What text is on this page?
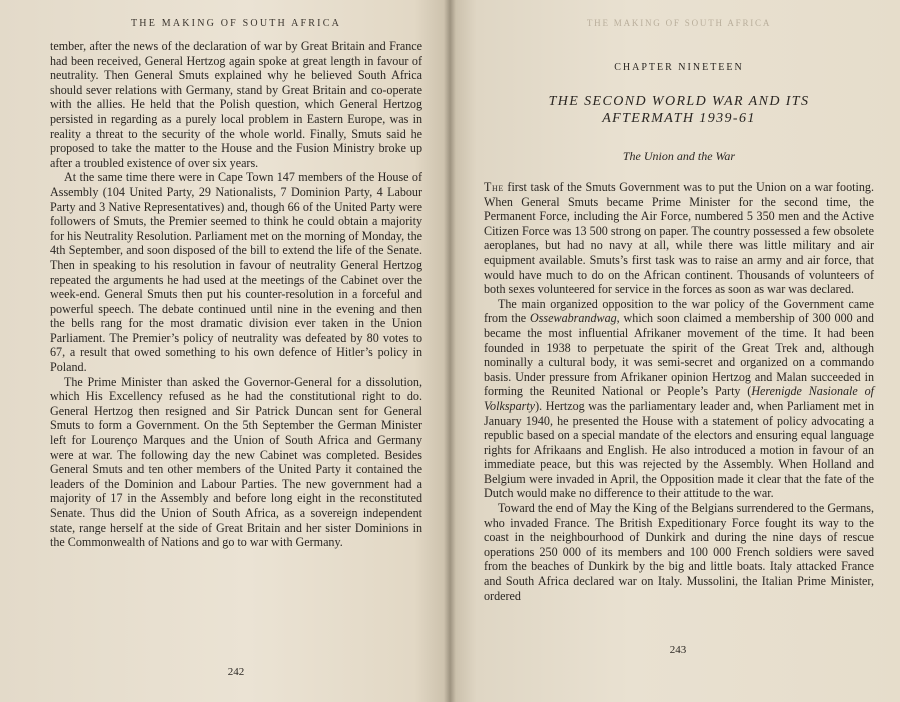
THE MAKING OF SOUTH AFRICA

tember, after the news of the declaration of war by Great Britain and France had been received, General Hertzog again spoke at great length in favour of neutrality. Then General Smuts explained why he believed South Africa should sever relations with Germany, stand by Great Britain and co-operate with the allies. He held that the Polish question, which General Hertzog persisted in regarding as a purely local problem in Eastern Europe, was in reality a threat to the security of the whole world. Finally, Smuts said he proposed to take the matter to the House and the Fusion Ministry broke up after a troubled existence of over six years.

At the same time there were in Cape Town 147 members of the House of Assembly (104 United Party, 29 Nationalists, 7 Dominion Party, 4 Labour Party and 3 Native Representatives) and, though 66 of the United Party were followers of Smuts, the Premier seemed to think he could obtain a majority for his Neutrality Resolution. Parliament met on the morning of Monday, the 4th September, and soon disposed of the bill to extend the life of the Senate. Then in speaking to his resolution in favour of neutrality General Hertzog repeated the arguments he had used at the meetings of the Cabinet over the week-end. General Smuts then put his counter-resolution in a forceful and powerful speech. The debate continued until nine in the evening and then the bells rang for the most dramatic division ever taken in the Union Parliament. The Premier’s policy of neutrality was defeated by 80 votes to 67, a result that owed something to his own defence of Hitler’s policy in Poland.

The Prime Minister than asked the Governor-General for a dissolution, which His Excellency refused as he had the constitutional right to do. General Hertzog then resigned and Sir Patrick Duncan sent for General Smuts to form a Government. On the 5th September the German Minister left for Lourenço Marques and the Union of South Africa and Germany were at war. The following day the new Cabinet was completed. Besides General Smuts and ten other members of the United Party it contained the leaders of the Dominion and Labour Parties. The new government had a majority of 17 in the Assembly and before long eight in the reconstituted Senate. Thus did the Union of South Africa, as a sovereign independent state, range herself at the side of Great Britain and her sister Dominions in the Commonwealth of Nations and go to war with Germany.

242
THE MAKING OF SOUTH AFRICA
CHAPTER NINETEEN
THE SECOND WORLD WAR AND ITS
AFTERMATH 1939-61
The Union and the War

The first task of the Smuts Government was to put the Union on a war footing. When General Smuts became Prime Minister for the second time, the Permanent Force, including the Air Force, numbered 5 350 men and the Active Citizen Force was 13 500 strong on paper. The country possessed a few obsolete aeroplanes, but had no navy at all, while there was little military and air equipment available. Smuts’s first task was to raise an army and air force, that would have much to do on the African continent. Thousands of volunteers of both sexes volunteered for service in the forces as soon as war was declared.

The main organized opposition to the war policy of the Government came from the Ossewabrandwag, which soon claimed a membership of 300 000 and became the most influential Afrikaner movement of the time. It had been founded in 1938 to perpetuate the spirit of the Great Trek and, although nominally a cultural body, it was semi-secret and organized on a commando basis. Under pressure from Afrikaner opinion Hertzog and Malan succeeded in forming the Reunited National or People’s Party (Herenigde Nasionale of Volksparty). Hertzog was the parliamentary leader and, when Parliament met in January 1940, he presented the House with a statement of policy advocating a republic based on a special mandate of the electors and ensuring equal language rights for Afrikaans and English. He also introduced a motion in favour of an immediate peace, but this was rejected by the Assembly. When Holland and Belgium were invaded in April, the Opposition made it clear that the fate of the Dutch would make no difference to their attitude to the war.

Toward the end of May the King of the Belgians surrendered to the Germans, who invaded France. The British Expeditionary Force fought its way to the coast in the neighbourhood of Dunkirk and during the nine days of rescue operations 250 000 of its members and 100 000 French soldiers were saved from the beaches of Dunkirk by the big and little boats. Italy attacked France and South Africa declared war on Italy. Mussolini, the Italian Prime Minister, ordered

243
